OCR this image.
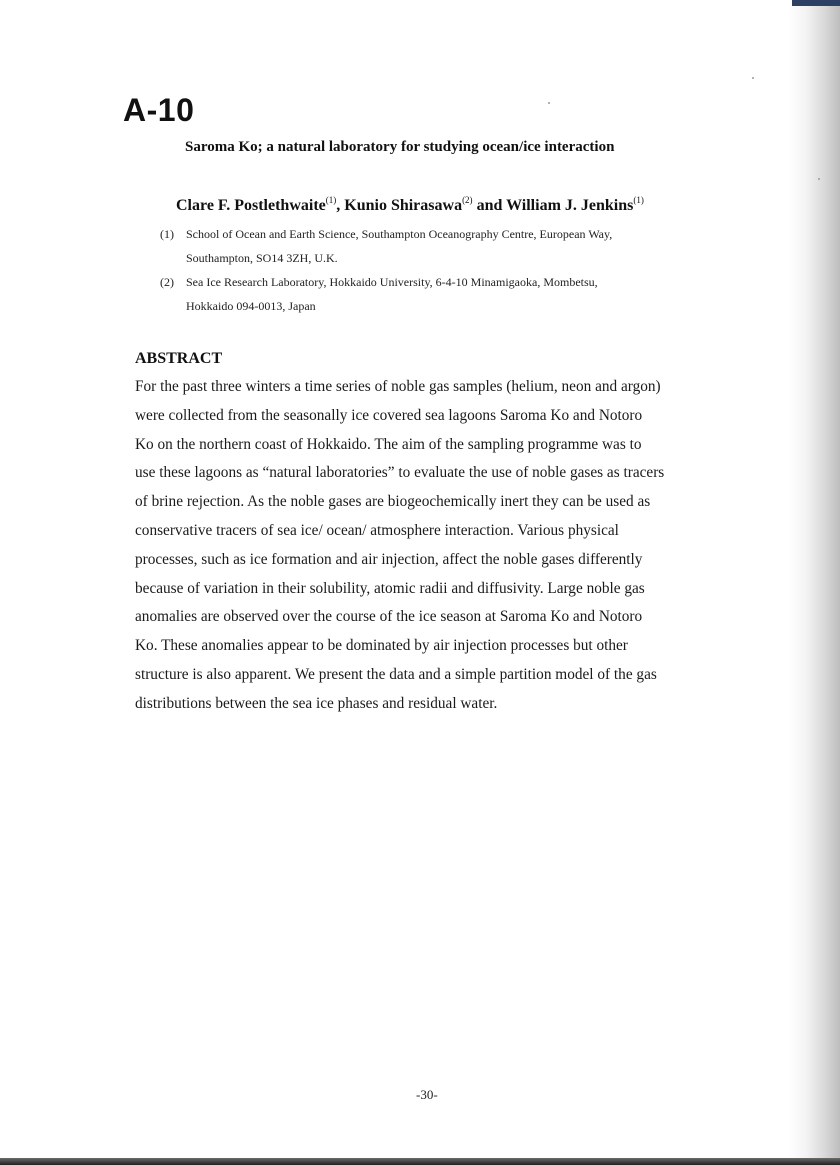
A-10
Saroma Ko; a natural laboratory for studying ocean/ice interaction

Clare F. Postlethwaite$^{(1)}$, Kunio Shirasawa$^{(2)}$ and William J. Jenkins$^{(1)}$

(1) School of Ocean and Earth Science, Southampton Oceanography Centre, European Way,
Southampton, SO14 3ZH, U.K.
(2) Sea Ice Research Laboratory, Hokkaido University, 6-4-10 Minamigaoka, Mombetsu,
Hokkaido 094-0013, Japan
ABSTRACT
For the past three winters a time series of noble gas samples (helium, neon and argon)
were collected from the seasonally ice covered sea lagoons Saroma Ko and Notoro
Ko on the northern coast of Hokkaido. The aim of the sampling programme was to
use these lagoons as “natural laboratories” to evaluate the use of noble gases as tracers
of brine rejection. As the noble gases are biogeochemically inert they can be used as
conservative tracers of sea ice/ ocean/ atmosphere interaction. Various physical
processes, such as ice formation and air injection, affect the noble gases differently
because of variation in their solubility, atomic radii and diffusivity. Large noble gas
anomalies are observed over the course of the ice season at Saroma Ko and Notoro
Ko. These anomalies appear to be dominated by air injection processes but other
structure is also apparent. We present the data and a simple partition model of the gas
distributions between the sea ice phases and residual water.

-30-
